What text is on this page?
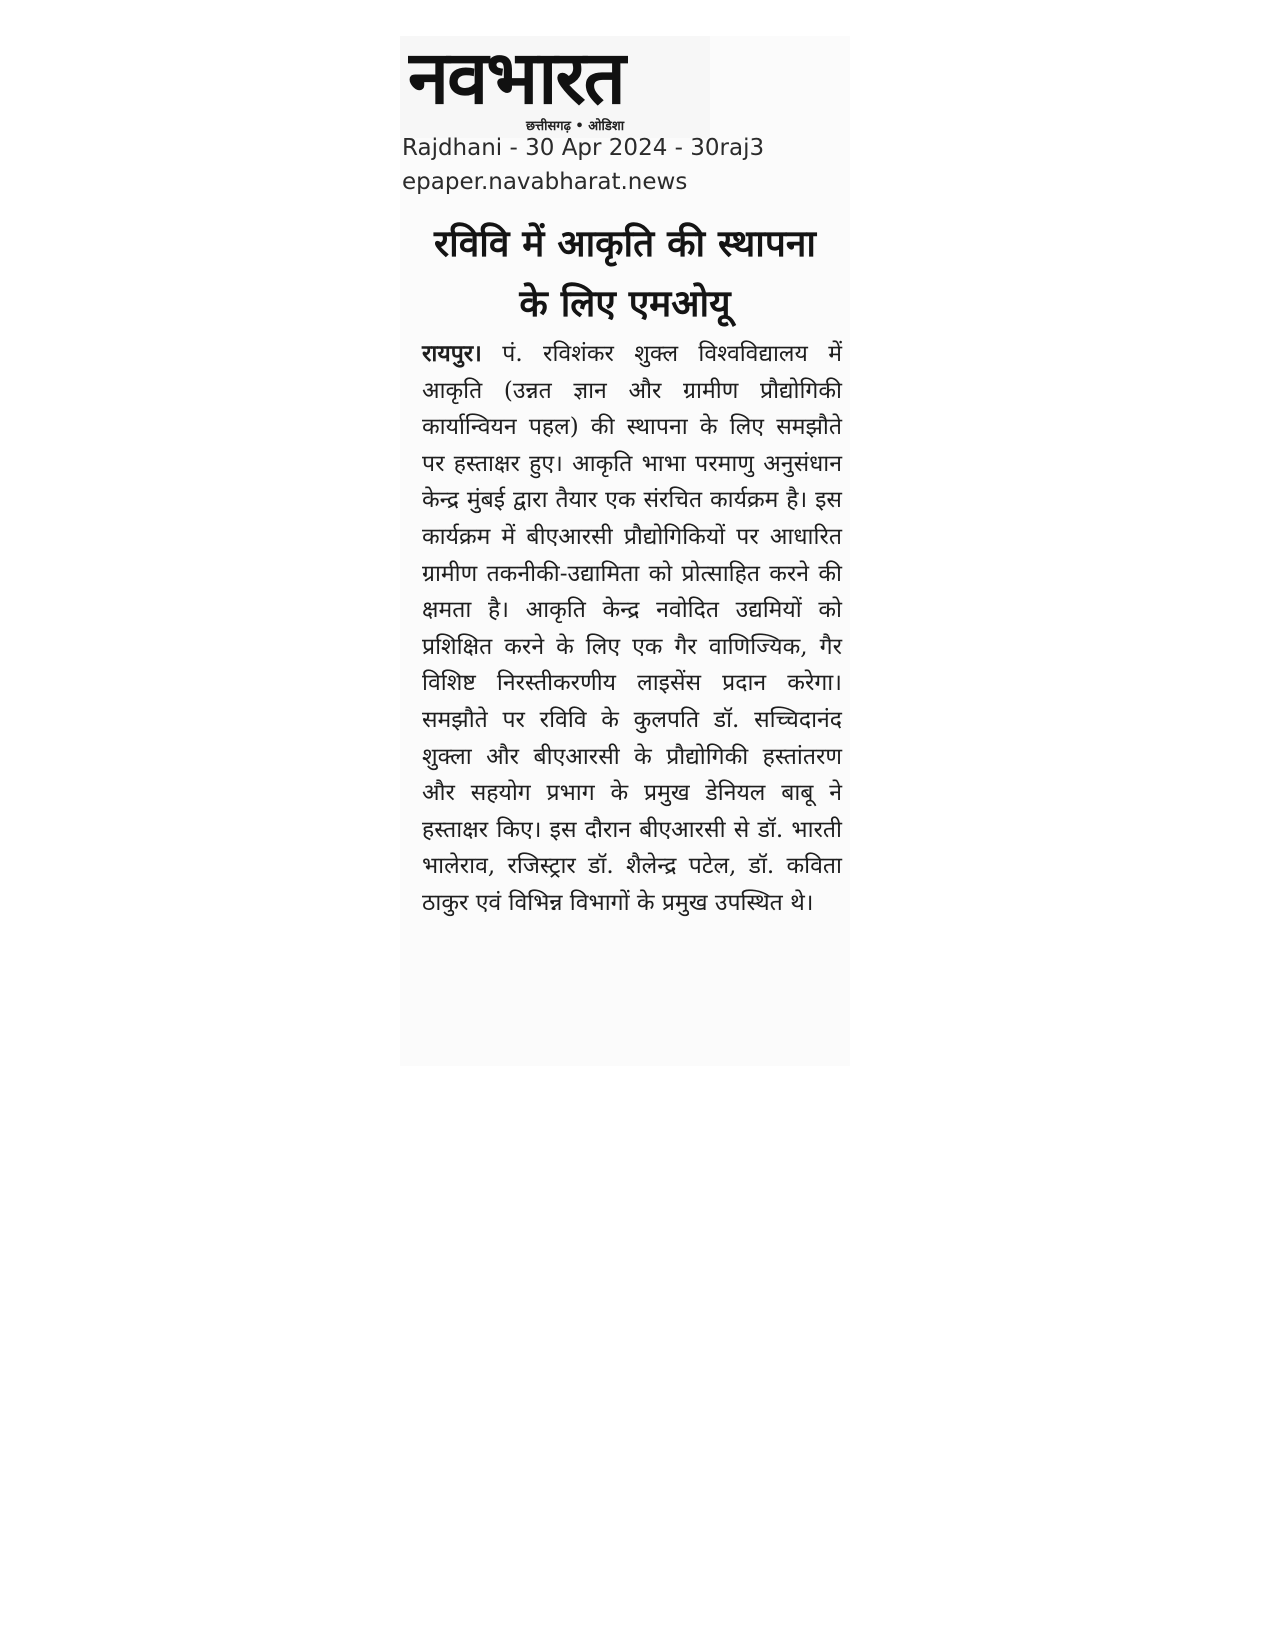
नवभारत
छत्तीसगढ़ • ओडिशा
Rajdhani - 30 Apr 2024 - 30raj3
epaper.navabharat.news
रविवि में आकृति की स्थापना
के लिए एमओयू
रायपुर। पं. रविशंकर शुक्ल विश्वविद्यालय में आकृति (उन्नत ज्ञान और ग्रामीण प्रौद्योगिकी कार्यान्वियन पहल) की स्थापना के लिए समझौते पर हस्ताक्षर हुए। आकृति भाभा परमाणु अनुसंधान केन्द्र मुंबई द्वारा तैयार एक संरचित कार्यक्रम है। इस कार्यक्रम में बीएआरसी प्रौद्योगिकियों पर आधारित ग्रामीण तकनीकी-उद्यामिता को प्रोत्साहित करने की क्षमता है। आकृति केन्द्र नवोदित उद्यमियों को प्रशिक्षित करने के लिए एक गैर वाणिज्यिक, गैर विशिष्ट निरस्तीकरणीय लाइसेंस प्रदान करेगा। समझौते पर रविवि के कुलपति डॉ. सच्चिदानंद शुक्ला और बीएआरसी के प्रौद्योगिकी हस्तांतरण और सहयोग प्रभाग के प्रमुख डेनियल बाबू ने हस्ताक्षर किए। इस दौरान बीएआरसी से डॉ. भारती भालेराव, रजिस्ट्रार डॉ. शैलेन्द्र पटेल, डॉ. कविता ठाकुर एवं विभिन्न विभागों के प्रमुख उपस्थित थे।
